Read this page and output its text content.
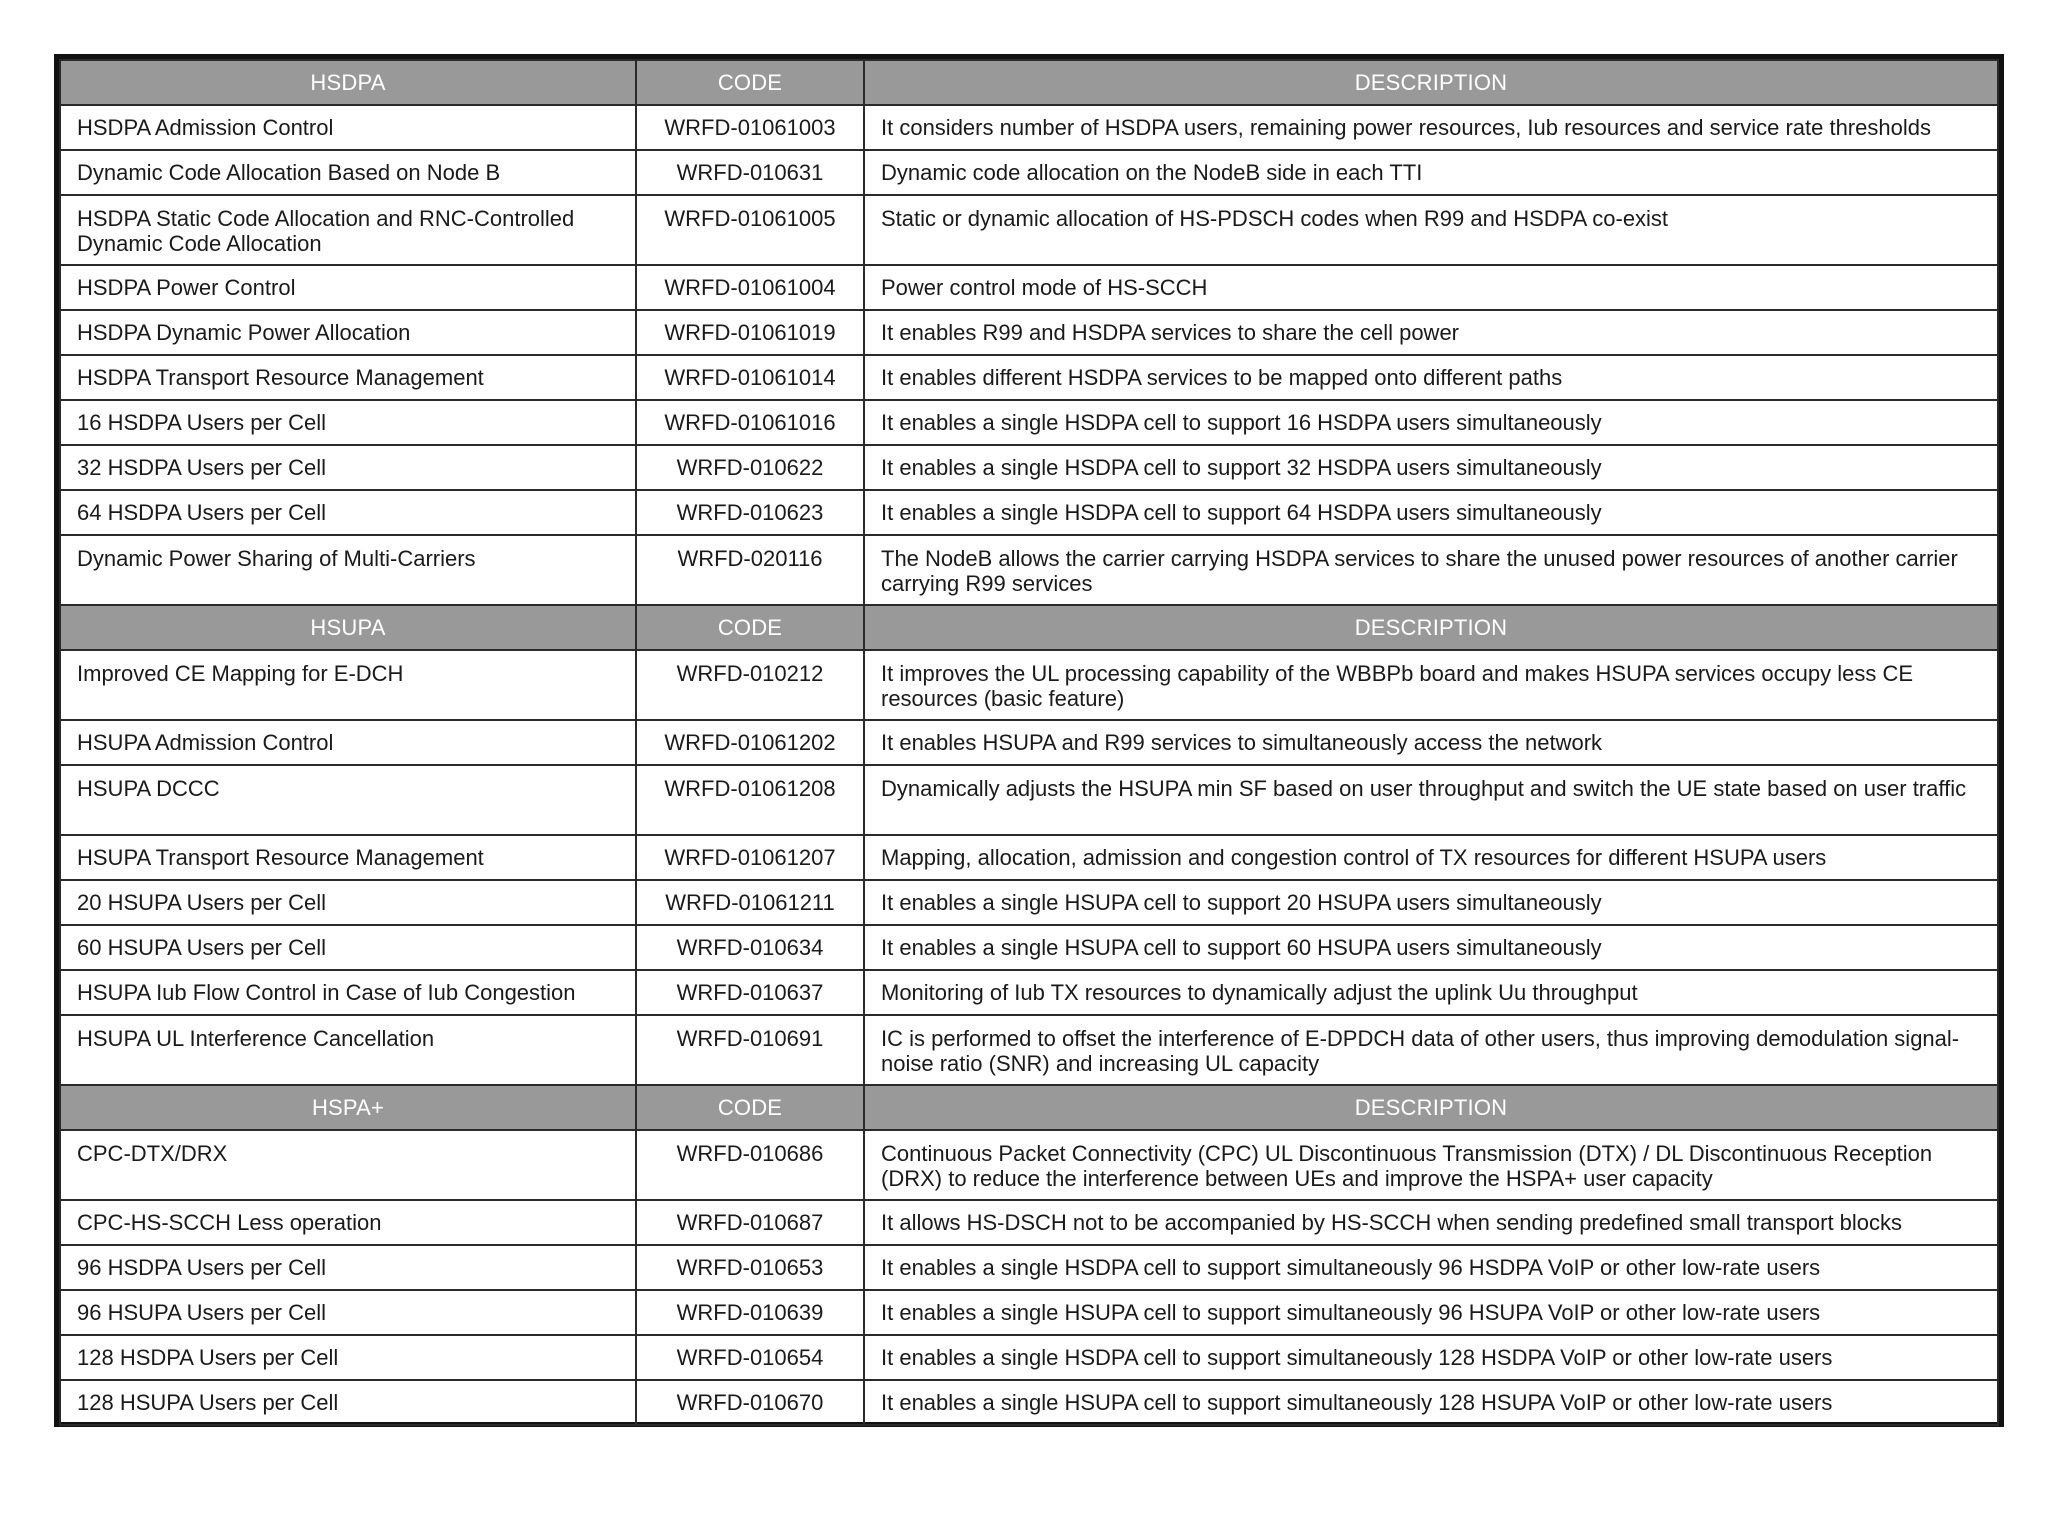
HSDPA	CODE	DESCRIPTION
HSDPA Admission Control	WRFD-01061003	It considers number of HSDPA users, remaining power resources, Iub resources and service rate thresholds
Dynamic Code Allocation Based on Node B	WRFD-010631	Dynamic code allocation on the NodeB side in each TTI
HSDPA Static Code Allocation and RNC-Controlled Dynamic Code Allocation	WRFD-01061005	Static or dynamic allocation of HS-PDSCH codes when R99 and HSDPA co-exist
HSDPA Power Control	WRFD-01061004	Power control mode of HS-SCCH
HSDPA Dynamic Power Allocation	WRFD-01061019	It enables R99 and HSDPA services to share the cell power
HSDPA Transport Resource Management	WRFD-01061014	It enables different HSDPA services to be mapped onto different paths
16 HSDPA Users per Cell	WRFD-01061016	It enables a single HSDPA cell to support 16 HSDPA users simultaneously
32 HSDPA Users per Cell	WRFD-010622	It enables a single HSDPA cell to support 32 HSDPA users simultaneously
64 HSDPA Users per Cell	WRFD-010623	It enables a single HSDPA cell to support 64 HSDPA users simultaneously
Dynamic Power Sharing of Multi-Carriers	WRFD-020116	The NodeB allows the carrier carrying HSDPA services to share the unused power resources of another carrier carrying R99 services
HSUPA	CODE	DESCRIPTION
Improved CE Mapping for E-DCH	WRFD-010212	It improves the UL processing capability of the WBBPb board and makes HSUPA services occupy less CE resources (basic feature)
HSUPA Admission Control	WRFD-01061202	It enables HSUPA and R99 services to simultaneously access the network
HSUPA DCCC	WRFD-01061208	Dynamically adjusts the HSUPA min SF based on user throughput and switch the UE state based on user traffic
HSUPA Transport Resource Management	WRFD-01061207	Mapping, allocation, admission and congestion control of TX resources for different HSUPA users
20 HSUPA Users per Cell	WRFD-01061211	It enables a single HSUPA cell to support 20 HSUPA users simultaneously
60 HSUPA Users per Cell	WRFD-010634	It enables a single HSUPA cell to support 60 HSUPA users simultaneously
HSUPA Iub Flow Control in Case of Iub Congestion	WRFD-010637	Monitoring of Iub TX resources to dynamically adjust the uplink Uu throughput
HSUPA UL Interference Cancellation	WRFD-010691	IC is performed to offset the interference of E-DPDCH data of other users, thus improving demodulation signal-noise ratio (SNR) and increasing UL capacity
HSPA+	CODE	DESCRIPTION
CPC-DTX/DRX	WRFD-010686	Continuous Packet Connectivity (CPC) UL Discontinuous Transmission (DTX) / DL Discontinuous Reception (DRX) to reduce the interference between UEs and improve the HSPA+ user capacity
CPC-HS-SCCH Less operation	WRFD-010687	It allows HS-DSCH not to be accompanied by HS-SCCH when sending predefined small transport blocks
96 HSDPA Users per Cell	WRFD-010653	It enables a single HSDPA cell to support simultaneously 96 HSDPA VoIP or other low-rate users
96 HSUPA Users per Cell	WRFD-010639	It enables a single HSUPA cell to support simultaneously 96 HSUPA VoIP or other low-rate users
128 HSDPA Users per Cell	WRFD-010654	It enables a single HSDPA cell to support simultaneously 128 HSDPA VoIP or other low-rate users
128 HSUPA Users per Cell	WRFD-010670	It enables a single HSUPA cell to support simultaneously 128 HSUPA VoIP or other low-rate users
